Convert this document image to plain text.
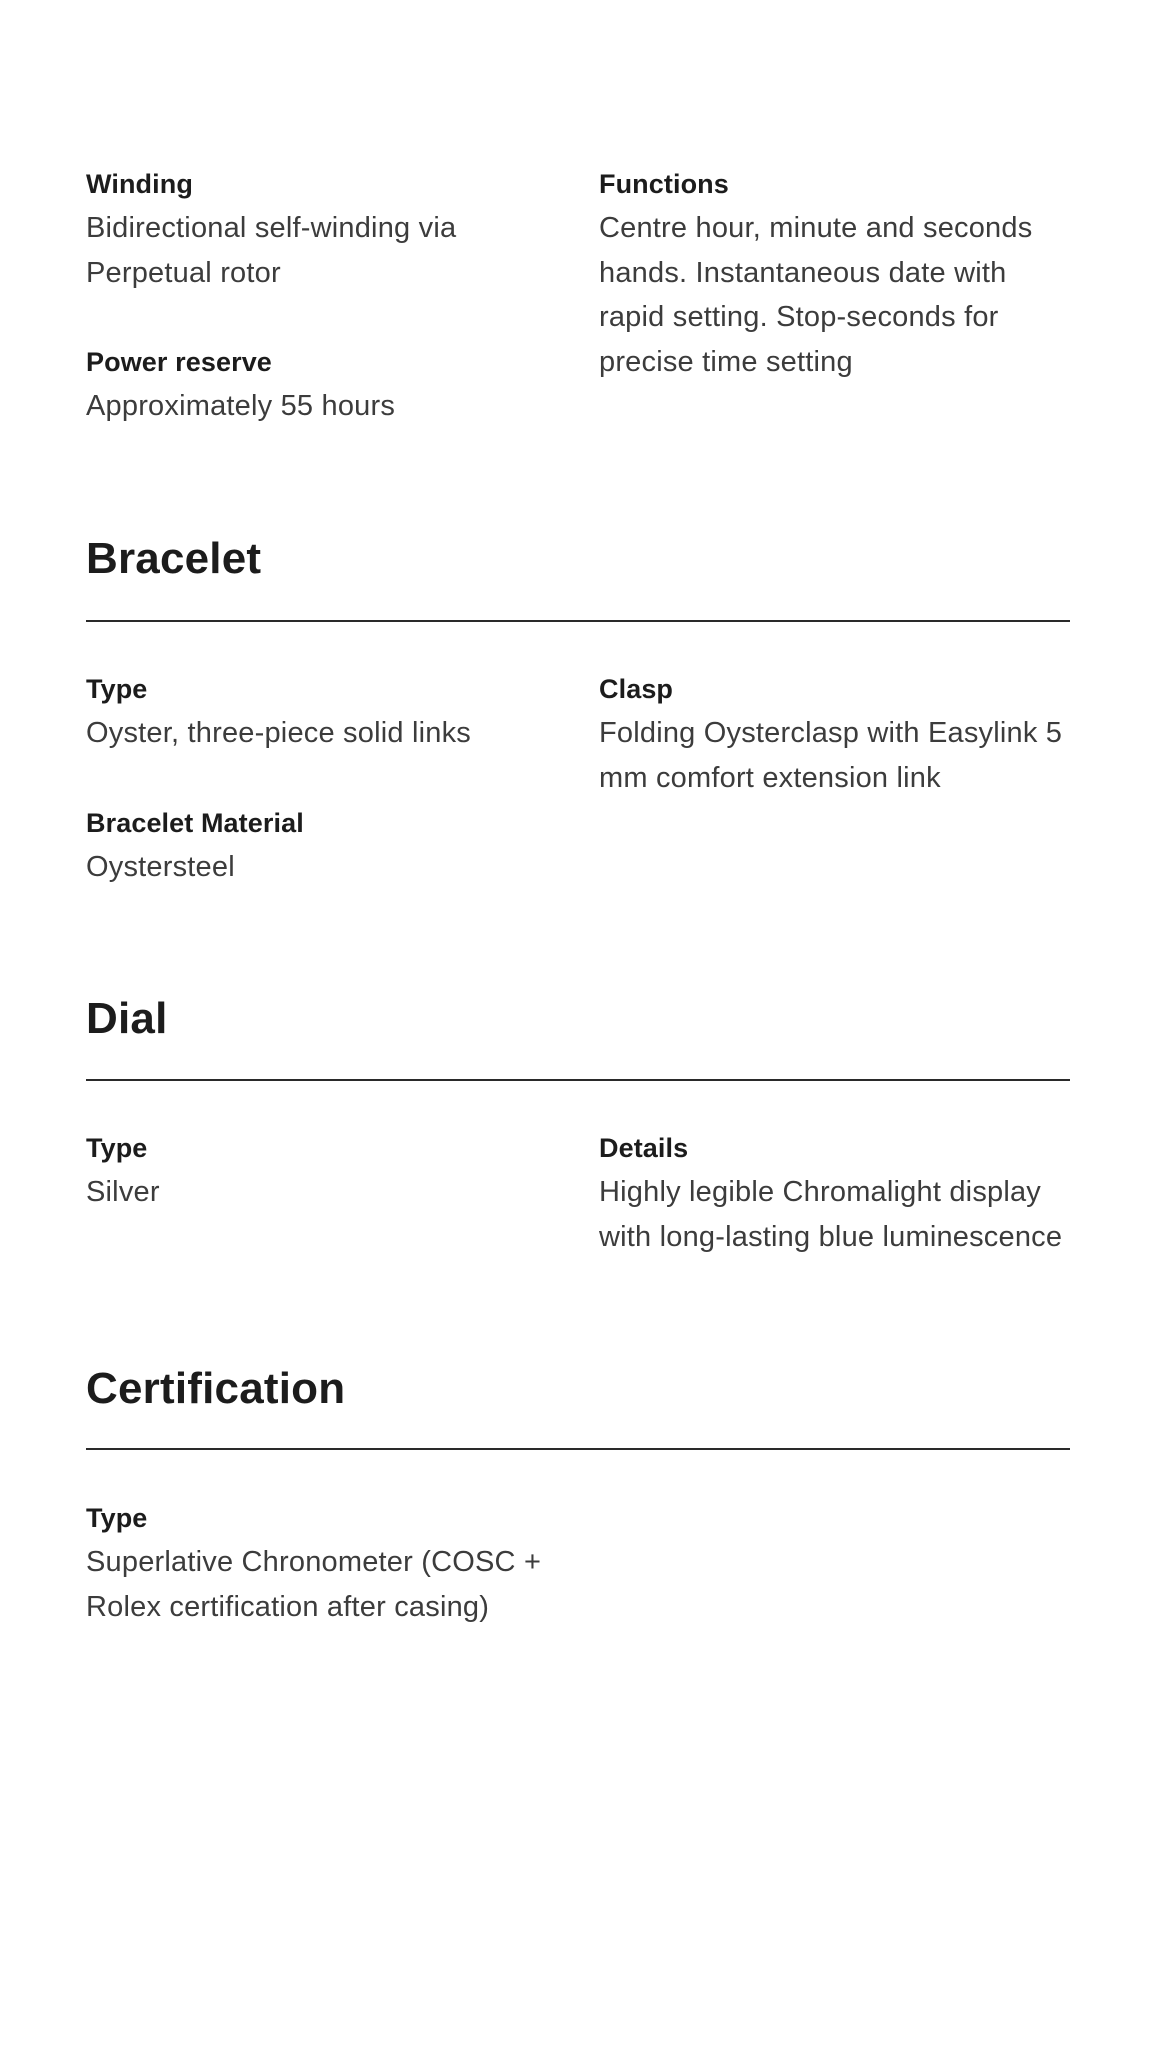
Winding
Bidirectional self-winding via Perpetual rotor
Power reserve
Approximately 55 hours
Functions
Centre hour, minute and seconds hands. Instantaneous date with rapid setting. Stop-seconds for precise time setting
Bracelet
Type
Oyster, three-piece solid links
Bracelet Material
Oystersteel
Clasp
Folding Oysterclasp with Easylink 5 mm comfort extension link
Dial
Type
Silver
Details
Highly legible Chromalight display with long-lasting blue luminescence
Certification
Type
Superlative Chronometer (COSC + Rolex certification after casing)
